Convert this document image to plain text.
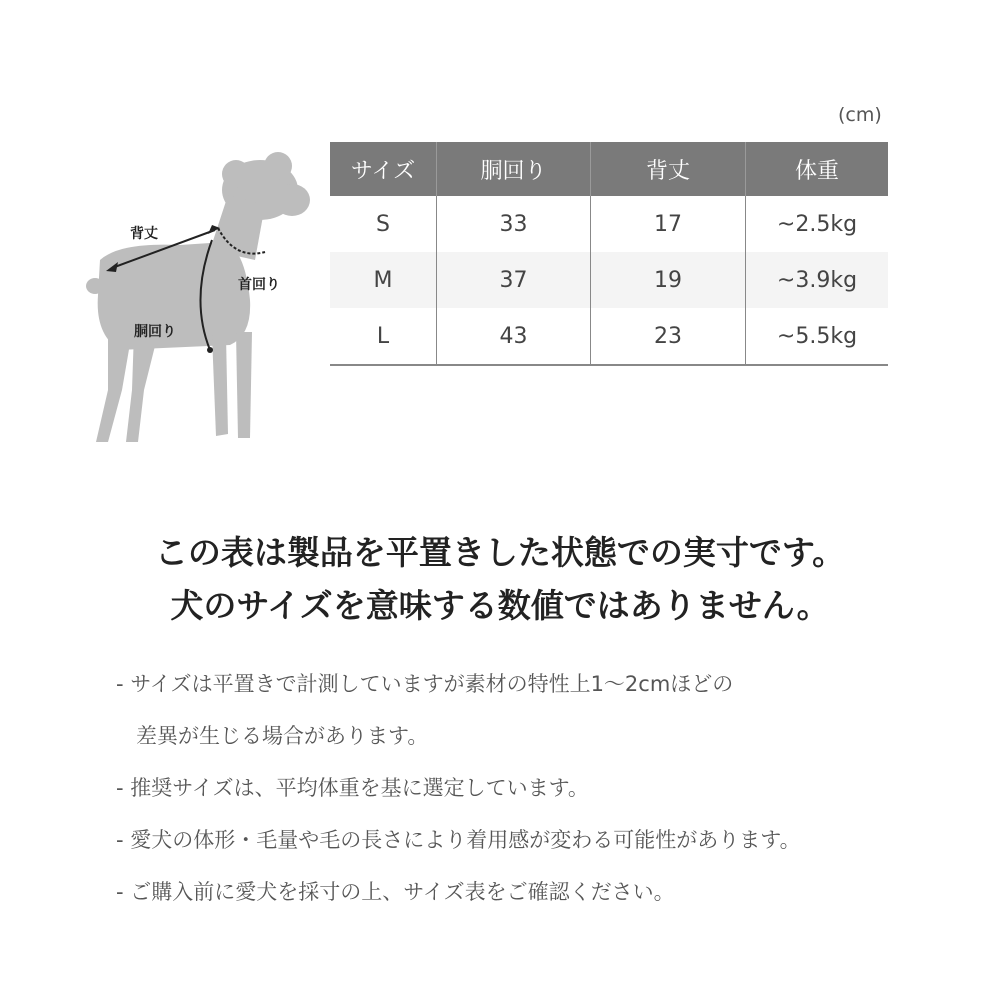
背丈
首回り
胴回り
(cm)
サイズ	胴回り	背丈	体重
S	33	17	~2.5kg
M	37	19	~3.9kg
L	43	23	~5.5kg
この表は製品を平置きした状態での実寸です。
犬のサイズを意味する数値ではありません。
- サイズは平置きで計測していますが素材の特性上1～2cmほどの
差異が生じる場合があります。
- 推奨サイズは、平均体重を基に選定しています。
- 愛犬の体形・毛量や毛の長さにより着用感が変わる可能性があります。
- ご購入前に愛犬を採寸の上、サイズ表をご確認ください。
